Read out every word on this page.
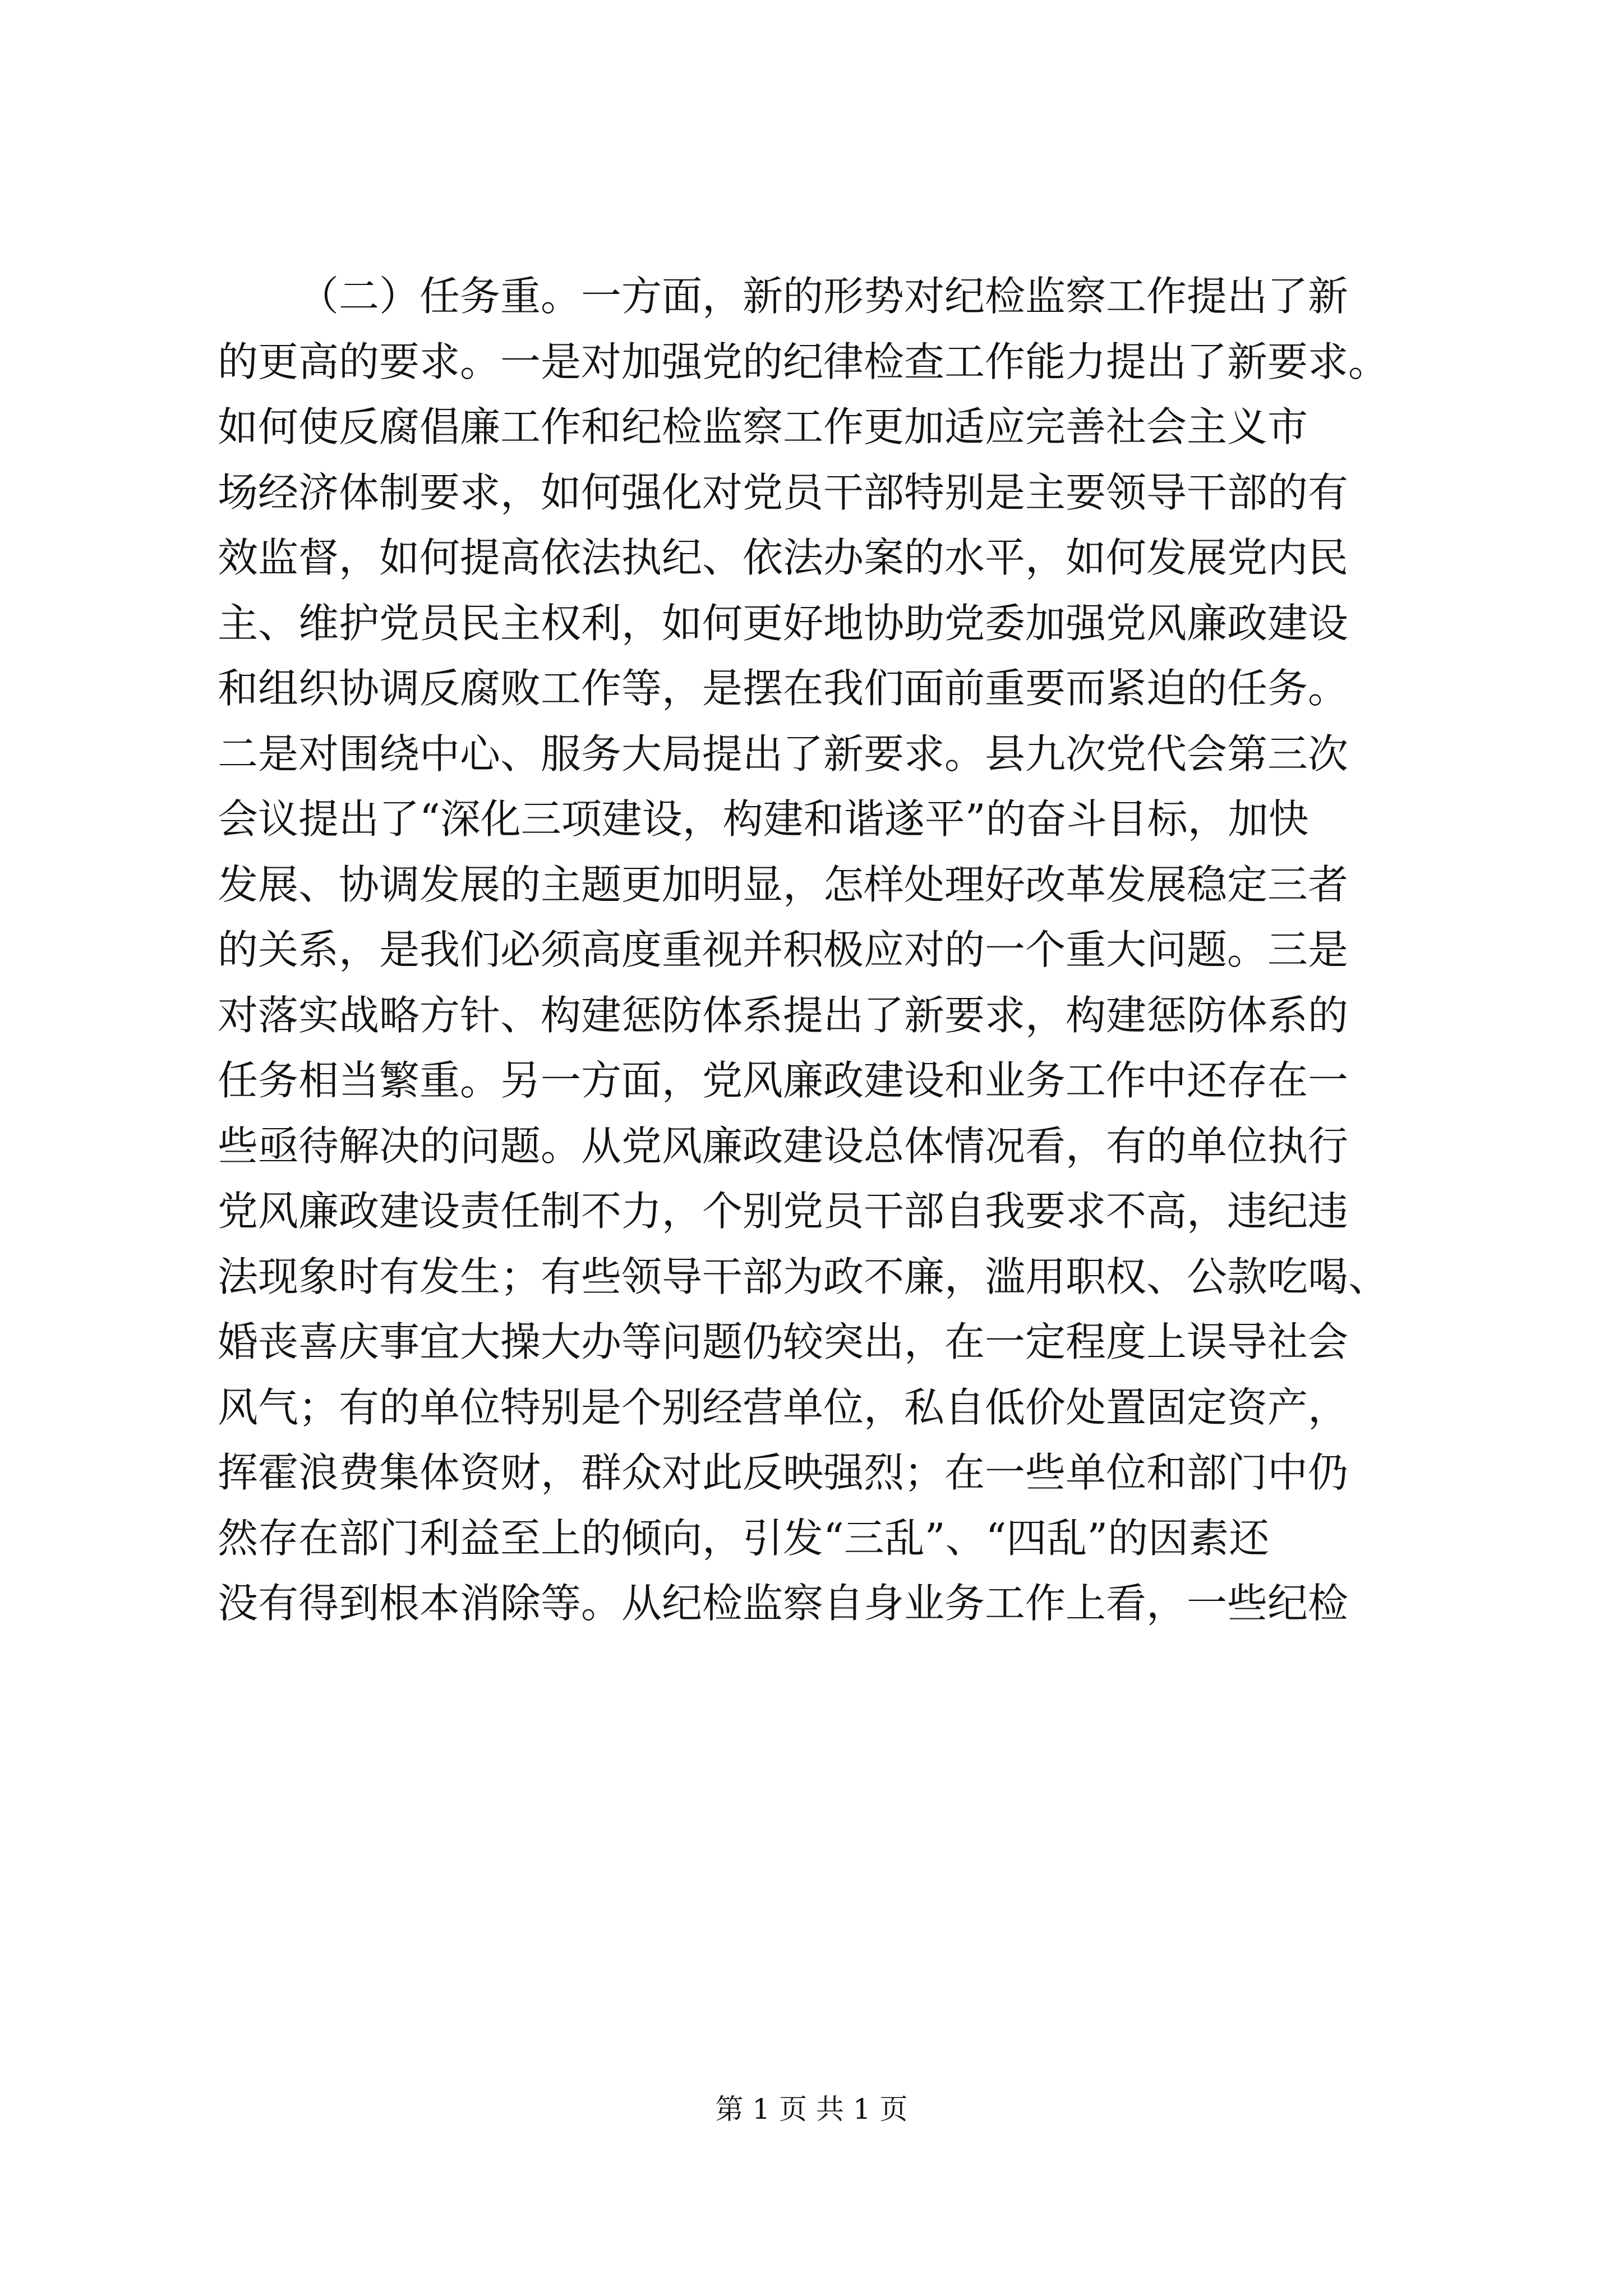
（二）任务重。一方面，新的形势对纪检监察工作提出了新
的更高的要求。一是对加强党的纪律检查工作能力提出了新要求。
如何使反腐倡廉工作和纪检监察工作更加适应完善社会主义市
场经济体制要求，如何强化对党员干部特别是主要领导干部的有
效监督，如何提高依法执纪、依法办案的水平，如何发展党内民
主、维护党员民主权利，如何更好地协助党委加强党风廉政建设
和组织协调反腐败工作等，是摆在我们面前重要而紧迫的任务。
二是对围绕中心、服务大局提出了新要求。县九次党代会第三次
会议提出了“深化三项建设，构建和谐遂平”的奋斗目标，加快
发展、协调发展的主题更加明显，怎样处理好改革发展稳定三者
的关系，是我们必须高度重视并积极应对的一个重大问题。三是
对落实战略方针、构建惩防体系提出了新要求，构建惩防体系的
任务相当繁重。另一方面，党风廉政建设和业务工作中还存在一
些亟待解决的问题。从党风廉政建设总体情况看，有的单位执行
党风廉政建设责任制不力，个别党员干部自我要求不高，违纪违
法现象时有发生；有些领导干部为政不廉，滥用职权、公款吃喝、
婚丧喜庆事宜大操大办等问题仍较突出，在一定程度上误导社会
风气；有的单位特别是个别经营单位，私自低价处置固定资产，
挥霍浪费集体资财，群众对此反映强烈；在一些单位和部门中仍
然存在部门利益至上的倾向，引发“三乱”、“四乱”的因素还
没有得到根本消除等。从纪检监察自身业务工作上看，一些纪检
第 1 页 共 1 页
